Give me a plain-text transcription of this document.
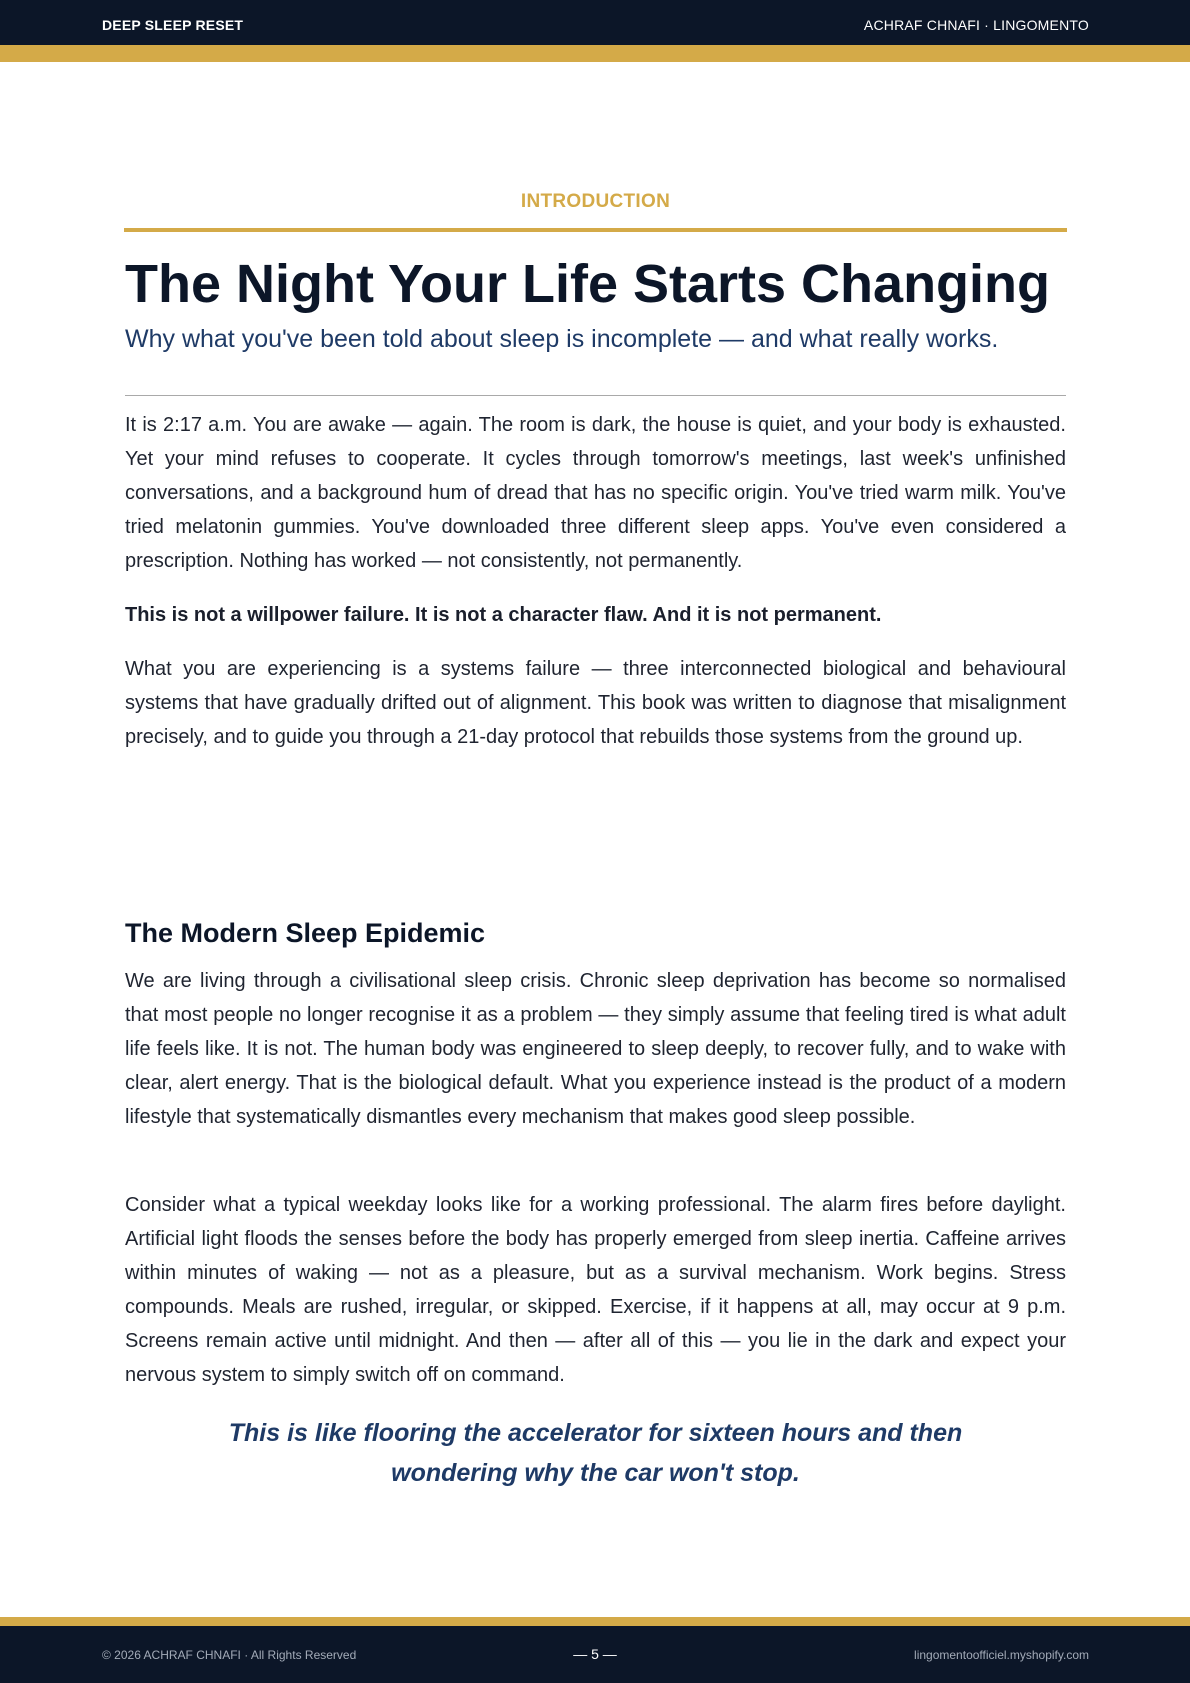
DEEP SLEEP RESET	ACHRAF CHNAFI · LINGOMENTO
INTRODUCTION
The Night Your Life Starts Changing

Why what you've been told about sleep is incomplete — and what really works.

It is 2:17 a.m. You are awake — again. The room is dark, the house is quiet, and your body is exhausted. Yet your mind refuses to cooperate. It cycles through tomorrow's meetings, last week's unfinished conversations, and a background hum of dread that has no specific origin. You've tried warm milk. You've tried melatonin gummies. You've downloaded three different sleep apps. You've even considered a prescription. Nothing has worked — not consistently, not permanently.

This is not a willpower failure. It is not a character flaw. And it is not permanent.

What you are experiencing is a systems failure — three interconnected biological and behavioural systems that have gradually drifted out of alignment. This book was written to diagnose that misalignment precisely, and to guide you through a 21-day protocol that rebuilds those systems from the ground up.

The Modern Sleep Epidemic

We are living through a civilisational sleep crisis. Chronic sleep deprivation has become so normalised that most people no longer recognise it as a problem — they simply assume that feeling tired is what adult life feels like. It is not. The human body was engineered to sleep deeply, to recover fully, and to wake with clear, alert energy. That is the biological default. What you experience instead is the product of a modern lifestyle that systematically dismantles every mechanism that makes good sleep possible.

Consider what a typical weekday looks like for a working professional. The alarm fires before daylight. Artificial light floods the senses before the body has properly emerged from sleep inertia. Caffeine arrives within minutes of waking — not as a pleasure, but as a survival mechanism. Work begins. Stress compounds. Meals are rushed, irregular, or skipped. Exercise, if it happens at all, may occur at 9 p.m. Screens remain active until midnight. And then — after all of this — you lie in the dark and expect your nervous system to simply switch off on command.

This is like flooring the accelerator for sixteen hours and then wondering why the car won't stop.

© 2026 ACHRAF CHNAFI · All Rights Reserved	— 5 —	lingomentoofficiel.myshopify.com
